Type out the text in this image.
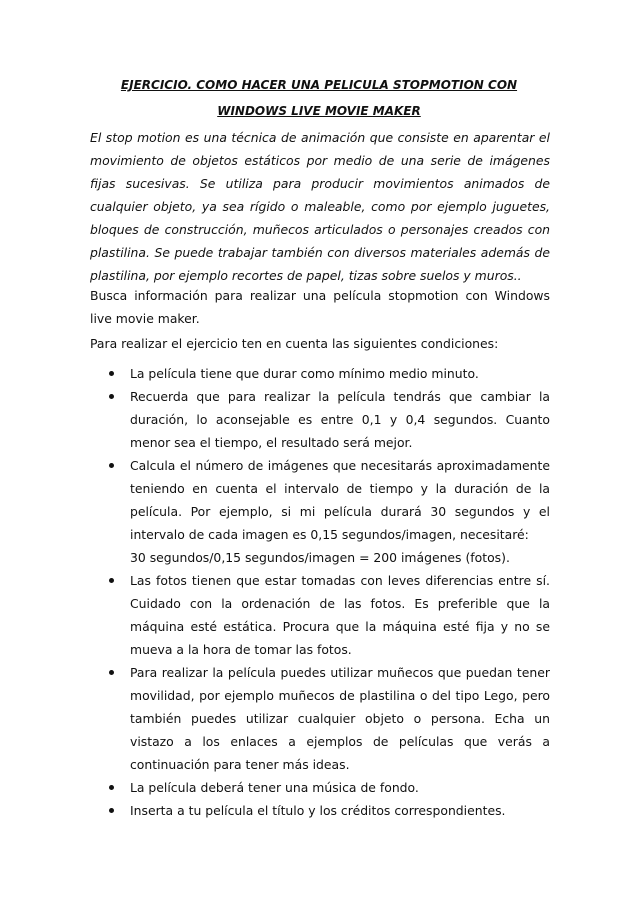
EJERCICIO. COMO HACER UNA PELICULA STOPMOTION CON
WINDOWS LIVE MOVIE MAKER
El stop motion es una técnica de animación que consiste en aparentar el movimiento de objetos estáticos por medio de una serie de imágenes fijas sucesivas. Se utiliza para producir movimientos animados de cualquier objeto, ya sea rígido o maleable, como por ejemplo juguetes, bloques de construcción, muñecos articulados o personajes creados con plastilina. Se puede trabajar también con diversos materiales además de plastilina, por ejemplo recortes de papel, tizas sobre suelos y muros..
Busca información para realizar una película stopmotion con Windows live movie maker.
Para realizar el ejercicio ten en cuenta las siguientes condiciones:
La película tiene que durar como mínimo medio minuto.
Recuerda que para realizar la película tendrás que cambiar la duración, lo aconsejable es entre 0,1 y 0,4 segundos. Cuanto menor sea el tiempo, el resultado será mejor.
Calcula el número de imágenes que necesitarás aproximadamente teniendo en cuenta el intervalo de tiempo y la duración de la película. Por ejemplo, si mi película durará 30 segundos y el intervalo de cada imagen es 0,15 segundos/imagen, necesitaré:
30 segundos/0,15 segundos/imagen = 200 imágenes (fotos).
Las fotos tienen que estar tomadas con leves diferencias entre sí. Cuidado con la ordenación de las fotos. Es preferible que la máquina esté estática. Procura que la máquina esté fija y no se mueva a la hora de tomar las fotos.
Para realizar la película puedes utilizar muñecos que puedan tener movilidad, por ejemplo muñecos de plastilina o del tipo Lego, pero también puedes utilizar cualquier objeto o persona. Echa un vistazo a los enlaces a ejemplos de películas que verás a continuación para tener más ideas.
La película deberá tener una música de fondo.
Inserta a tu película el título y los créditos correspondientes.
